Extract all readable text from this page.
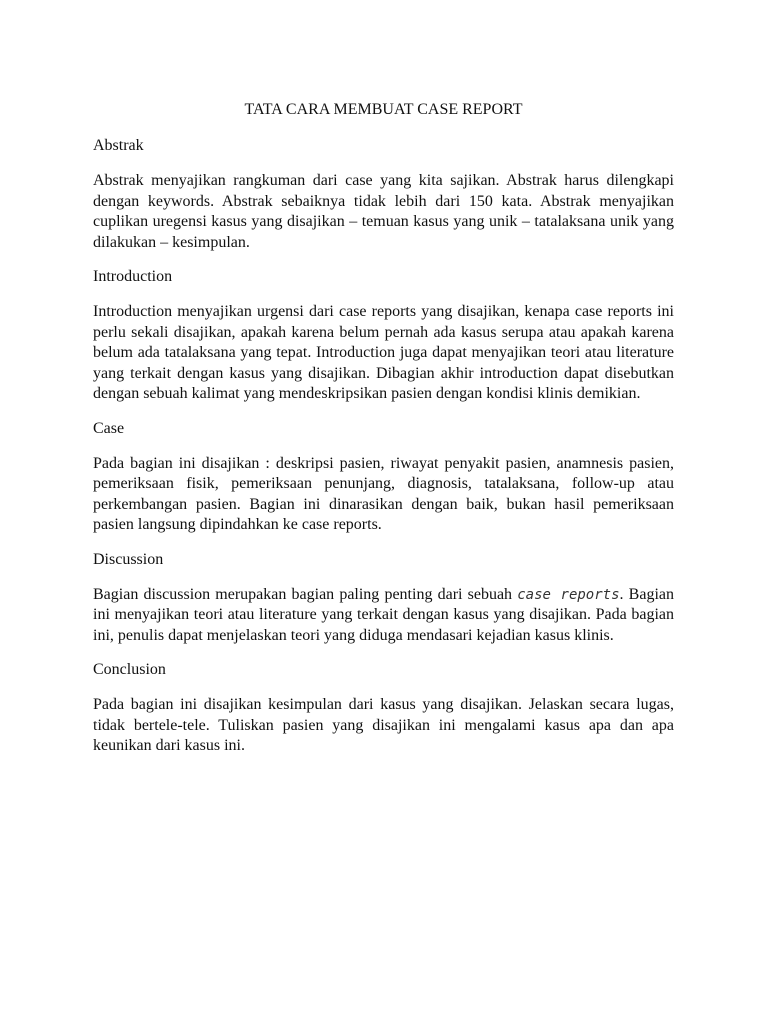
TATA CARA MEMBUAT CASE REPORT
Abstrak

Abstrak menyajikan rangkuman dari case yang kita sajikan. Abstrak harus dilengkapi dengan keywords. Abstrak sebaiknya tidak lebih dari 150 kata. Abstrak menyajikan cuplikan uregensi kasus yang disajikan – temuan kasus yang unik – tatalaksana unik yang dilakukan – kesimpulan.

Introduction

Introduction menyajikan urgensi dari case reports yang disajikan, kenapa case reports ini perlu sekali disajikan, apakah karena belum pernah ada kasus serupa atau apakah karena belum ada tatalaksana yang tepat. Introduction juga dapat menyajikan teori atau literature yang terkait dengan kasus yang disajikan. Dibagian akhir introduction dapat disebutkan dengan sebuah kalimat yang mendeskripsikan pasien dengan kondisi klinis demikian.

Case

Pada bagian ini disajikan : deskripsi pasien, riwayat penyakit pasien, anamnesis pasien, pemeriksaan fisik, pemeriksaan penunjang, diagnosis, tatalaksana, follow-up atau perkembangan pasien. Bagian ini dinarasikan dengan baik, bukan hasil pemeriksaan pasien langsung dipindahkan ke case reports.

Discussion

Bagian discussion merupakan bagian paling penting dari sebuah case reports. Bagian ini menyajikan teori atau literature yang terkait dengan kasus yang disajikan. Pada bagian ini, penulis dapat menjelaskan teori yang diduga mendasari kejadian kasus klinis.

Conclusion

Pada bagian ini disajikan kesimpulan dari kasus yang disajikan. Jelaskan secara lugas, tidak bertele-tele. Tuliskan pasien yang disajikan ini mengalami kasus apa dan apa keunikan dari kasus ini.
